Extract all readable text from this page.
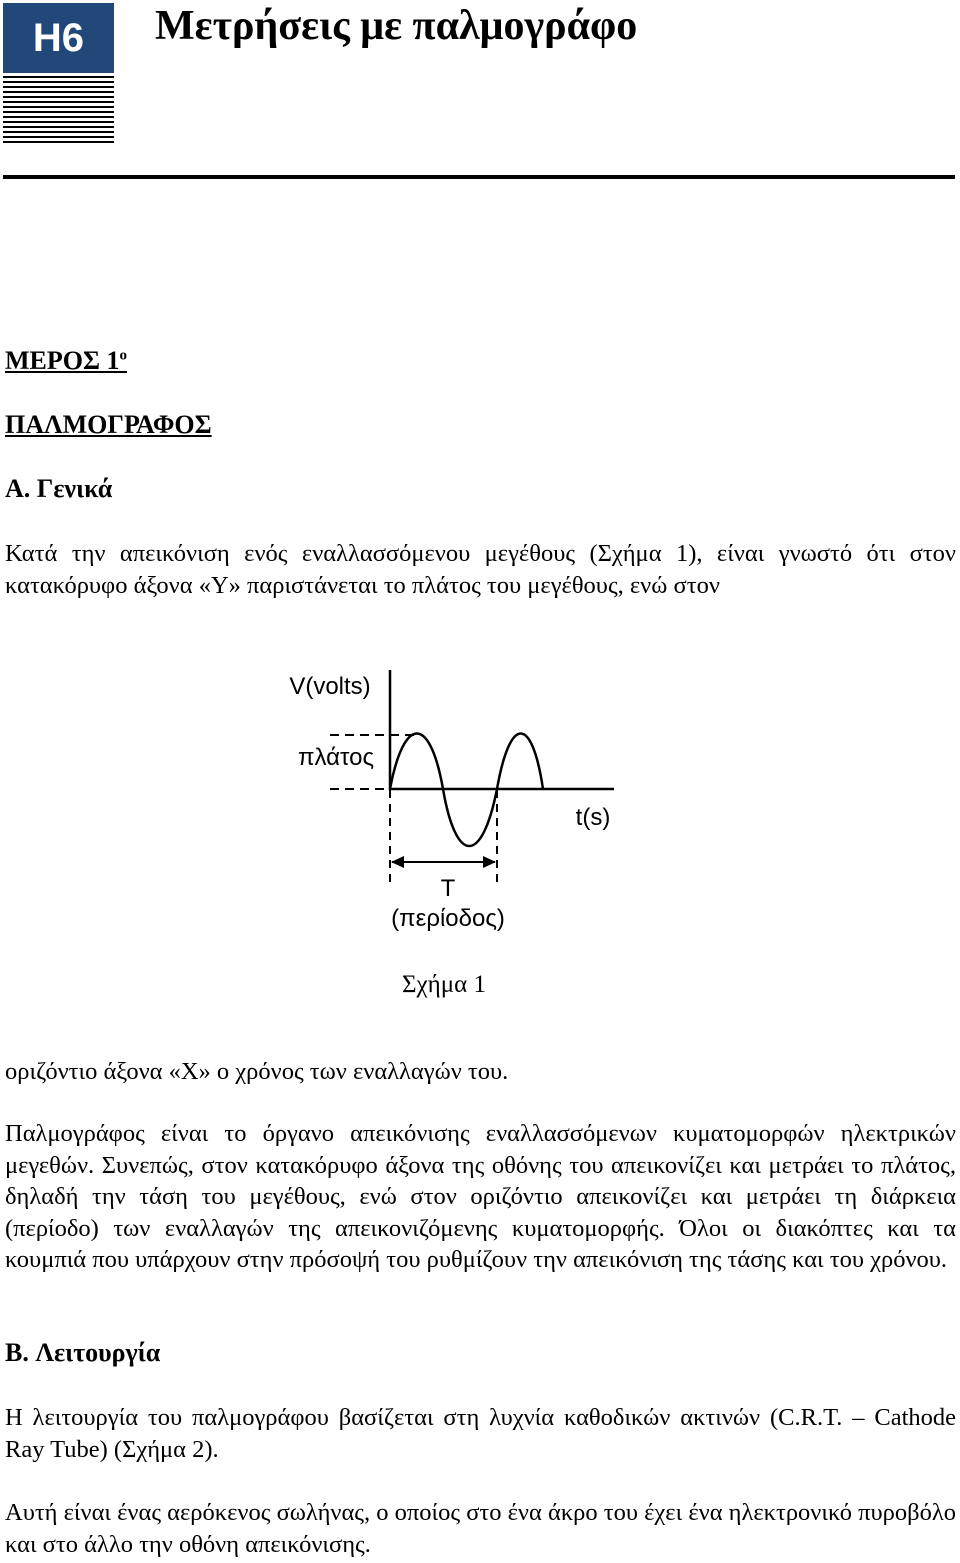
H6 Μετρήσεις με παλμογράφο
ΜΕΡΟΣ $1^o$
ΠΑΛΜΟΓΡΑΦΟΣ
A. Γενικά

Κατά την απεικόνιση ενός εναλλασσόμενου μεγέθους (Σχήμα 1), είναι γνωστό ότι στον κατακόρυφο άξονα «Υ» παριστάνεται το πλάτος του μεγέθους, ενώ στον

V(volts)
πλάτος
t(s)
T
(περίοδος)
Σχήμα 1

οριζόντιο άξονα «Χ» ο χρόνος των εναλλαγών του.

Παλμογράφος είναι το όργανο απεικόνισης εναλλασσόμενων κυματομορφών ηλεκτρικών μεγεθών. Συνεπώς, στον κατακόρυφο άξονα της οθόνης του απεικονίζει και μετράει το πλάτος, δηλαδή την τάση του μεγέθους, ενώ στον οριζόντιο απεικονίζει και μετράει τη διάρκεια (περίοδο) των εναλλαγών της απεικονιζόμενης κυματομορφής. Όλοι οι διακόπτες και τα κουμπιά που υπάρχουν στην πρόσοψή του ρυθμίζουν την απεικόνιση της τάσης και του χρόνου.

B. Λειτουργία

Η λειτουργία του παλμογράφου βασίζεται στη λυχνία καθοδικών ακτινών (C.R.T. – Cathode Ray Tube) (Σχήμα 2).

Αυτή είναι ένας αερόκενος σωλήνας, ο οποίος στο ένα άκρο του έχει ένα ηλεκτρονικό πυροβόλο και στο άλλο την οθόνη απεικόνισης.
